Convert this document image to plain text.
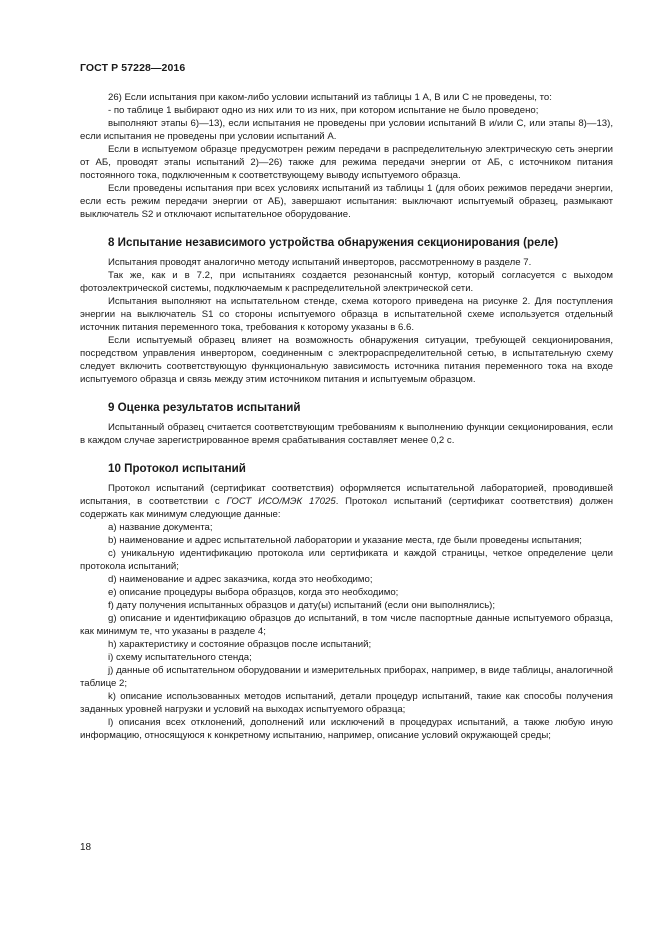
ГОСТ Р 57228—2016

26) Если испытания при каком-либо условии испытаний из таблицы 1 А, В или С не проведены, то:

- по таблице 1 выбирают одно из них или то из них, при котором испытание не было проведено;

выполняют этапы 6)—13), если испытания не проведены при условии испытаний В и/или С, или этапы 8)—13), если испытания не проведены при условии испытаний А.

Если в испытуемом образце предусмотрен режим передачи в распределительную электрическую сеть энергии от АБ, проводят этапы испытаний 2)—26) также для режима передачи энергии от АБ, с источником питания постоянного тока, подключенным к соответствующему выводу испытуемого образца.

Если проведены испытания при всех условиях испытаний из таблицы 1 (для обоих режимов передачи энергии, если есть режим передачи энергии от АБ), завершают испытания: выключают испытуемый образец, размыкают выключатель S2 и отключают испытательное оборудование.

8 Испытание независимого устройства обнаружения секционирования (реле)

Испытания проводят аналогично методу испытаний инверторов, рассмотренному в разделе 7.

Так же, как и в 7.2, при испытаниях создается резонансный контур, который согласуется с выходом фотоэлектрической системы, подключаемым к распределительной электрической сети.

Испытания выполняют на испытательном стенде, схема которого приведена на рисунке 2. Для поступления энергии на выключатель S1 со стороны испытуемого образца в испытательной схеме используется отдельный источник питания переменного тока, требования к которому указаны в 6.6.

Если испытуемый образец влияет на возможность обнаружения ситуации, требующей секционирования, посредством управления инвертором, соединенным с электрораспределительной сетью, в испытательную схему следует включить соответствующую функциональную зависимость источника питания переменного тока на входе испытуемого образца и связь между этим источником питания и испытуемым образцом.

9 Оценка результатов испытаний

Испытанный образец считается соответствующим требованиям к выполнению функции секционирования, если в каждом случае зарегистрированное время срабатывания составляет менее 0,2 с.

10 Протокол испытаний

Протокол испытаний (сертификат соответствия) оформляется испытательной лабораторией, проводившей испытания, в соответствии с ГОСТ ИСО/МЭК 17025. Протокол испытаний (сертификат соответствия) должен содержать как минимум следующие данные:

а) название документа;

b) наименование и адрес испытательной лаборатории и указание места, где были проведены испытания;

c) уникальную идентификацию протокола или сертификата и каждой страницы, четкое определение цели протокола испытаний;

d) наименование и адрес заказчика, когда это необходимо;

e) описание процедуры выбора образцов, когда это необходимо;

f) дату получения испытанных образцов и дату(ы) испытаний (если они выполнялись);

g) описание и идентификацию образцов до испытаний, в том числе паспортные данные испытуемого образца, как минимум те, что указаны в разделе 4;

h) характеристику и состояние образцов после испытаний;

i) схему испытательного стенда;

j) данные об испытательном оборудовании и измерительных приборах, например, в виде таблицы, аналогичной таблице 2;

k) описание использованных методов испытаний, детали процедур испытаний, такие как способы получения заданных уровней нагрузки и условий на выходах испытуемого образца;

l) описания всех отклонений, дополнений или исключений в процедурах испытаний, а также любую иную информацию, относящуюся к конкретному испытанию, например, описание условий окружающей среды;

18
